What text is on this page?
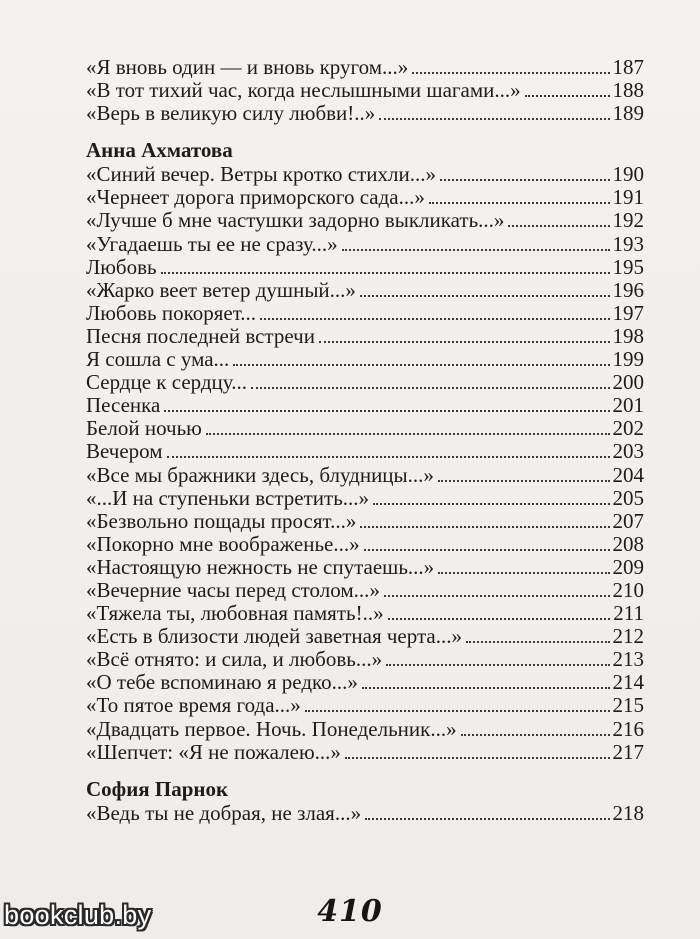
«Я вновь один — и вновь кругом...»	187
«В тот тихий час, когда неслышными шагами...»	188
«Верь в великую силу любви!..»	189
Анна Ахматова
«Синий вечер. Ветры кротко стихли...»	190
«Чернеет дорога приморского сада...»	191
«Лучше б мне частушки задорно выкликать...»	192
«Угадаешь ты ее не сразу...»	193
Любовь	195
«Жарко веет ветер душный...»	196
Любовь покоряет...	197
Песня последней встречи	198
Я сошла с ума...	199
Сердце к сердцу...	200
Песенка	201
Белой ночью	202
Вечером	203
«Все мы бражники здесь, блудницы...»	204
«...И на ступеньки встретить...»	205
«Безвольно пощады просят...»	207
«Покорно мне воображенье...»	208
«Настоящую нежность не спутаешь...»	209
«Вечерние часы перед столом...»	210
«Тяжела ты, любовная память!..»	211
«Есть в близости людей заветная черта...»	212
«Всё отнято: и сила, и любовь...»	213
«О тебе вспоминаю я редко...»	214
«То пятое время года...»	215
«Двадцать первое. Ночь. Понедельник...»	216
«Шепчет: «Я не пожалею...»	217
София Парнок
«Ведь ты не добрая, не злая...»	218
410
bookclub.by
